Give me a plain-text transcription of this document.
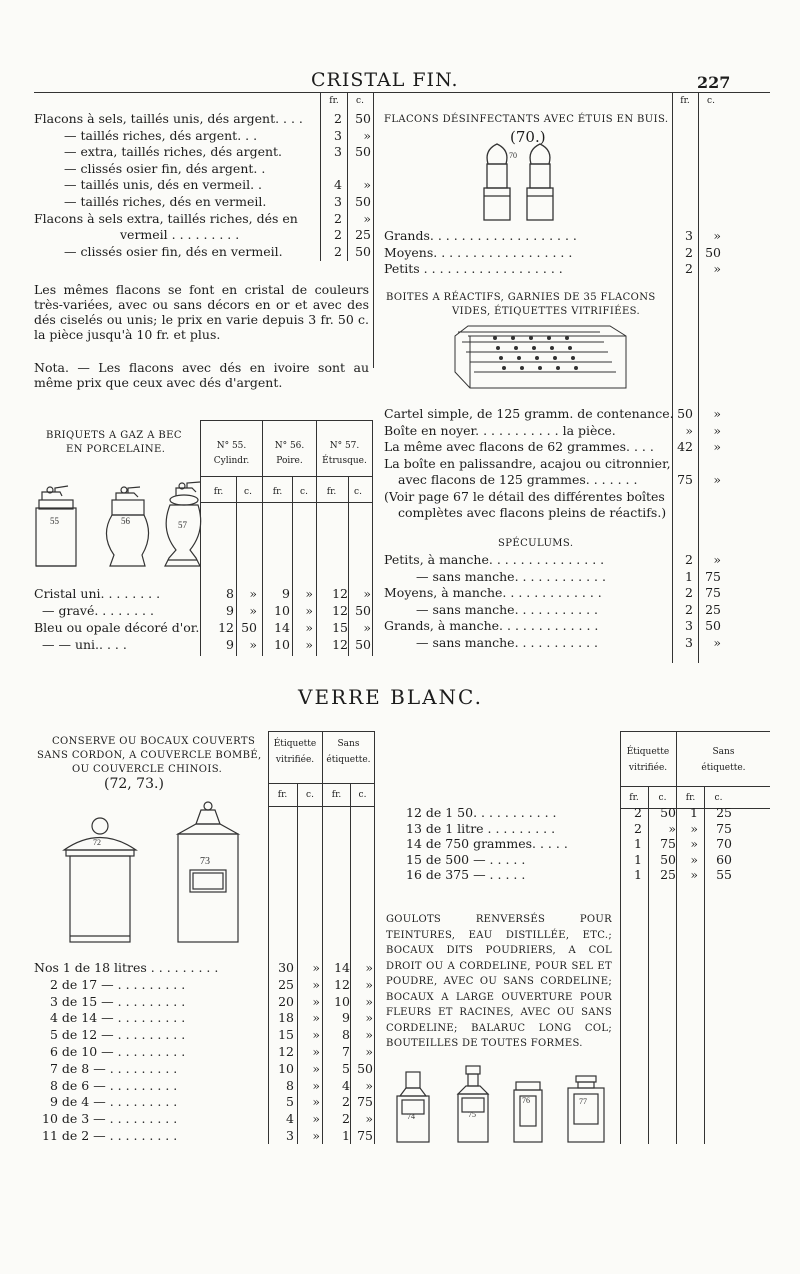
CRISTAL FIN.	227
fr.	c.
Flacons à sels, taillés unis, dés argent. . . .	2	50
— taillés riches, dés argent. . .	3	»
— extra, taillés riches, dés argent.	3	50
— clissés osier fin, dés argent. .
— taillés unis, dés en vermeil. .	4	»
— taillés riches, dés en vermeil.	3	50
Flacons à sels extra, taillés riches, dés en	2	»
vermeil . . . . . . . . .	2	25
— clissés osier fin, dés en vermeil.	2	50
Les mêmes flacons se font en cristal de couleurs très-variées, avec ou sans décors en or et avec des dés ciselés ou unis; le prix en varie depuis 3 fr. 50 c. la pièce jusqu'à 10 fr. et plus.
Nota. — Les flacons avec dés en ivoire sont au même prix que ceux avec dés d'argent.
BRIQUETS A GAZ A BEC
EN PORCELAINE.	N° 55.
Cylindr.
fr.	c.
N° 56.
Poire.
fr.	c.
N° 57.
Étrusque.
fr.	c.
Cristal uni. . . . . . . .	8	»	9	»	12	»
— gravé. . . . . . . .	9	»	10	»	12 50
Bleu ou opale décoré d'or.	12 50	14	»	15	»
— — uni.. . . .	9	»	10	»	12 50
55	56	57
fr.	c.
FLACONS DÉSINFECTANTS AVEC ÉTUIS EN BUIS.
(70.)
70
Grands. . . . . . . . . . . . . . . . . . .	3	»
Moyens. . . . . . . . . . . . . . . . . .	2 50
Petits . . . . . . . . . . . . . . . . . .	2	»
BOITES A RÉACTIFS, GARNIES DE 35 FLACONS
VIDES, ÉTIQUETTES VITRIFIÉES.
Cartel simple, de 125 gramm. de contenance. 50	»
Boîte en noyer. . . . . . . . . . . la pièce.	»	»
La même avec flacons de 62 grammes. . . .	42	»
La boîte en palissandre, acajou ou citronnier,
avec flacons de 125 grammes. . . . . . .	75	»
(Voir page 67 le détail des différentes boîtes
complètes avec flacons pleins de réactifs.)
SPÉCULUMS.
Petits, à manche. . . . . . . . . . . . . . .	2	»
— sans manche. . . . . . . . . . . .	1 75
Moyens, à manche. . . . . . . . . . . . .	2 75
— sans manche. . . . . . . . . . .	2 25
Grands, à manche. . . . . . . . . . . . .	3 50
— sans manche. . . . . . . . . . .	3	»
VERRE BLANC.
CONSERVE OU BOCAUX COUVERTS
SANS CORDON, A COUVERCLE BOMBÉ,
OU COUVERCLE CHINOIS.
(72, 73.)
Étiquette
vitrifiée.
Sans
étiquette.
fr.	c.	fr.	c.
72
73
Nos 1 de 18 litres . . . . . . . . .	30	»	14	»
2 de 17 — . . . . . . . . .	25	»	12	»
3 de 15 — . . . . . . . . .	20	»	10	»
4 de 14 — . . . . . . . . .	18	»	9	»
5 de 12 — . . . . . . . . .	15	»	8	»
6 de 10 — . . . . . . . . .	12	»	7	»
7 de 8 — . . . . . . . . .	10	»	5 50
8 de 6 — . . . . . . . . .	8	»	4	»
9 de 4 — . . . . . . . . .	5	»	2 75
10 de 3 — . . . . . . . . .	4	»	2	»
11 de 2 — . . . . . . . . .	3	»	1 75
Étiquette
vitrifiée.
Sans
étiquette.
fr.	c.	fr.	c.
12 de 1 50. . . . . . . . . . .	2	50	1	25
13 de 1 litre . . . . . . . . .	2	»	»	75
14 de 750 grammes. . . . .	1	75	»	70
15 de 500 — . . . . .	1	50	»	60
16 de 375 — . . . . .	1	25	»	55
GOULOTS RENVERSÉS POUR TEINTURES, EAU DISTILLÉE, ETC.; BOCAUX DITS POUDRIERS, A COL DROIT OU A CORDELINE, POUR SEL ET POUDRE, AVEC OU SANS CORDELINE; BOCAUX A LARGE OUVERTURE POUR FLEURS ET RACINES, AVEC OU SANS CORDELINE; BALARUC LONG COL; BOUTEILLES DE TOUTES FORMES.
74	75
76	77
